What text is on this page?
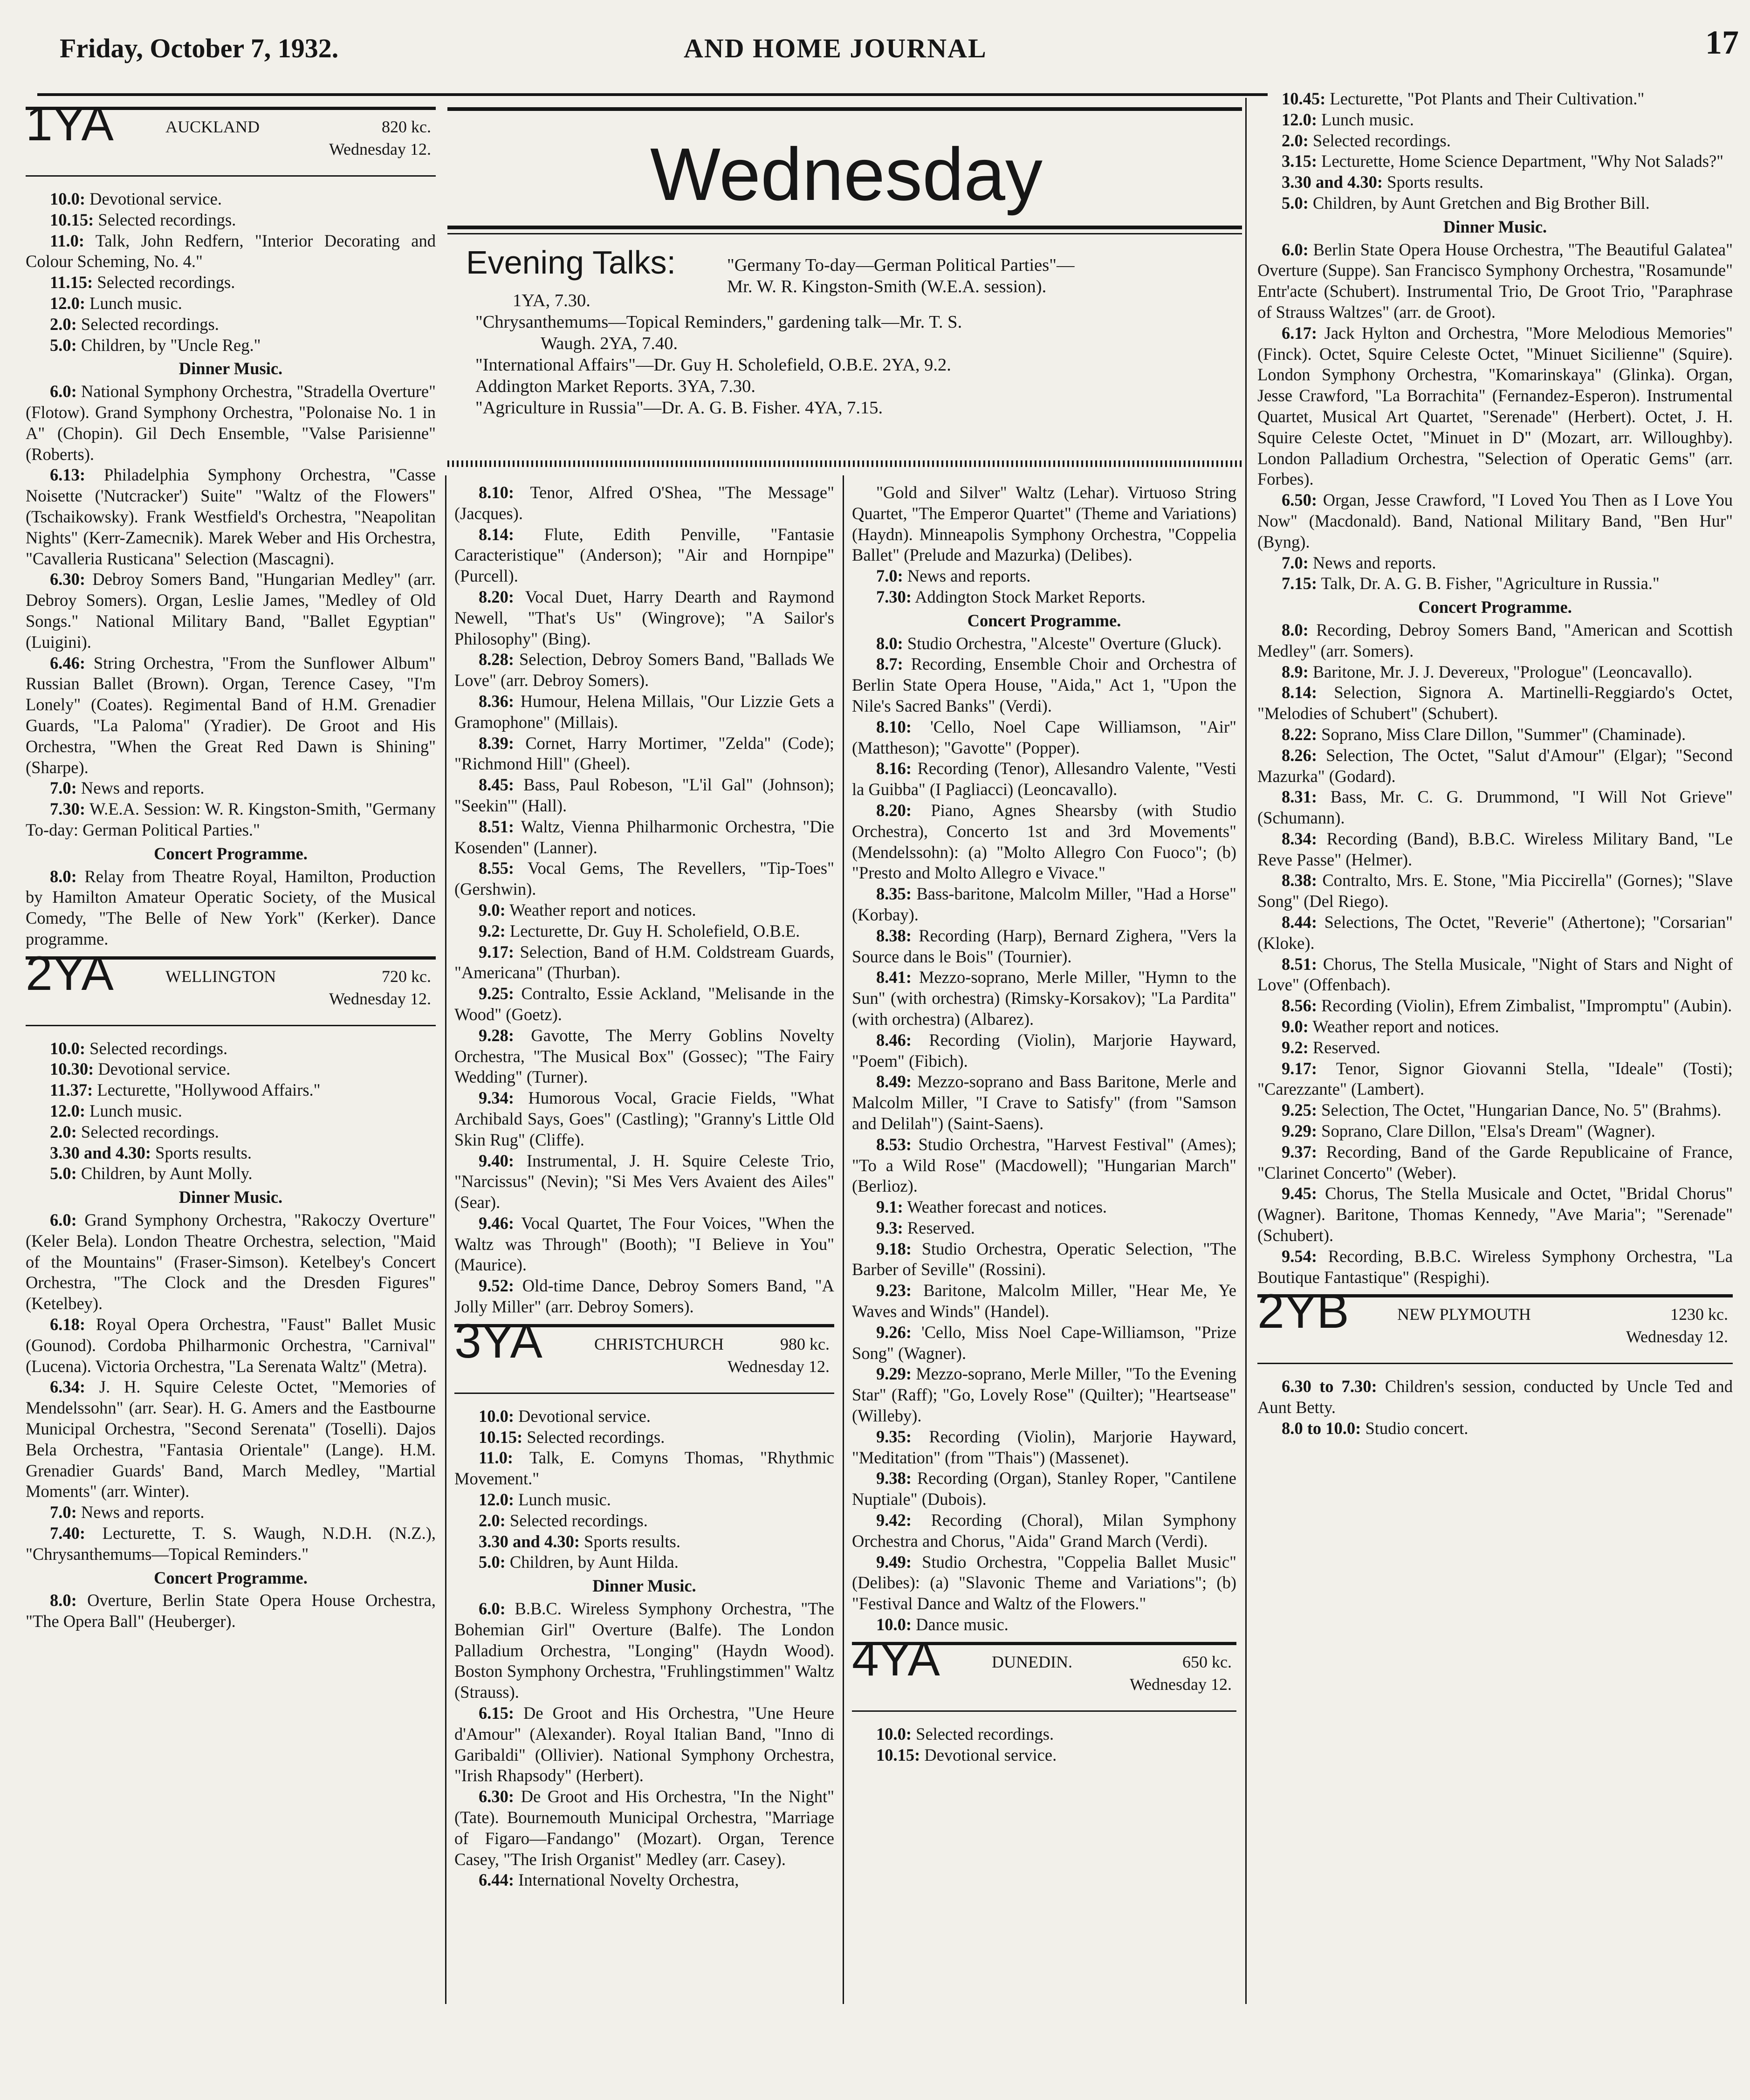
Friday, October 7, 1932.	AND HOME JOURNAL	17
Wednesday
Evening Talks:	"Germany To-day—German Political Parties"—
Mr. W. R. Kingston-Smith (W.E.A. session).
1YA, 7.30.
"Chrysanthemums—Topical Reminders," gardening talk—Mr. T. S.
Waugh. 2YA, 7.40.
"International Affairs"—Dr. Guy H. Scholefield, O.B.E. 2YA, 9.2.
Addington Market Reports. 3YA, 7.30.
"Agriculture in Russia"—Dr. A. G. B. Fisher. 4YA, 7.15.
1YA	AUCKLAND	820 kc.
Wednesday 12.

10.0: Devotional service.

10.15: Selected recordings.

11.0: Talk, John Redfern, "Interior Decorating and Colour Scheming, No. 4."

11.15: Selected recordings.

12.0: Lunch music.

2.0: Selected recordings.

5.0: Children, by "Uncle Reg."

Dinner Music.

6.0: National Symphony Orchestra, "Stradella Overture" (Flotow). Grand Symphony Orchestra, "Polonaise No. 1 in A" (Chopin). Gil Dech Ensemble, "Valse Parisienne" (Roberts).

6.13: Philadelphia Symphony Orchestra, "Casse Noisette ('Nutcracker') Suite" "Waltz of the Flowers" (Tschaikowsky). Frank Westfield's Orchestra, "Neapolitan Nights" (Kerr-Zamecnik). Marek Weber and His Orchestra, "Cavalleria Rusticana" Selection (Mascagni).

6.30: Debroy Somers Band, "Hungarian Medley" (arr. Debroy Somers). Organ, Leslie James, "Medley of Old Songs." National Military Band, "Ballet Egyptian" (Luigini).

6.46: String Orchestra, "From the Sunflower Album" Russian Ballet (Brown). Organ, Terence Casey, "I'm Lonely" (Coates). Regimental Band of H.M. Grenadier Guards, "La Paloma" (Yradier). De Groot and His Orchestra, "When the Great Red Dawn is Shining" (Sharpe).

7.0: News and reports.

7.30: W.E.A. Session: W. R. Kingston-Smith, "Germany To-day: German Political Parties."

Concert Programme.

8.0: Relay from Theatre Royal, Hamilton, Production by Hamilton Amateur Operatic Society, of the Musical Comedy, "The Belle of New York" (Kerker). Dance programme.

2YA	WELLINGTON	720 kc.
Wednesday 12.

10.0: Selected recordings.

10.30: Devotional service.

11.37: Lecturette, "Hollywood Affairs."

12.0: Lunch music.

2.0: Selected recordings.

3.30 and 4.30: Sports results.

5.0: Children, by Aunt Molly.

Dinner Music.

6.0: Grand Symphony Orchestra, "Rakoczy Overture" (Keler Bela). London Theatre Orchestra, selection, "Maid of the Mountains" (Fraser-Simson). Ketelbey's Concert Orchestra, "The Clock and the Dresden Figures" (Ketelbey).

6.18: Royal Opera Orchestra, "Faust" Ballet Music (Gounod). Cordoba Philharmonic Orchestra, "Carnival" (Lucena). Victoria Orchestra, "La Serenata Waltz" (Metra).

6.34: J. H. Squire Celeste Octet, "Memories of Mendelssohn" (arr. Sear). H. G. Amers and the Eastbourne Municipal Orchestra, "Second Serenata" (Toselli). Dajos Bela Orchestra, "Fantasia Orientale" (Lange). H.M. Grenadier Guards' Band, March Medley, "Martial Moments" (arr. Winter).

7.0: News and reports.

7.40: Lecturette, T. S. Waugh, N.D.H. (N.Z.), "Chrysanthemums—Topical Reminders."

Concert Programme.

8.0: Overture, Berlin State Opera House Orchestra, "The Opera Ball" (Heuberger).

8.10: Tenor, Alfred O'Shea, "The Message" (Jacques).

8.14: Flute, Edith Penville, "Fantasie Caracteristique" (Anderson); "Air and Hornpipe" (Purcell).

8.20: Vocal Duet, Harry Dearth and Raymond Newell, "That's Us" (Wingrove); "A Sailor's Philosophy" (Bing).

8.28: Selection, Debroy Somers Band, "Ballads We Love" (arr. Debroy Somers).

8.36: Humour, Helena Millais, "Our Lizzie Gets a Gramophone" (Millais).

8.39: Cornet, Harry Mortimer, "Zelda" (Code); "Richmond Hill" (Gheel).

8.45: Bass, Paul Robeson, "L'il Gal" (Johnson); "Seekin'" (Hall).

8.51: Waltz, Vienna Philharmonic Orchestra, "Die Kosenden" (Lanner).

8.55: Vocal Gems, The Revellers, "Tip-Toes" (Gershwin).

9.0: Weather report and notices.

9.2: Lecturette, Dr. Guy H. Scholefield, O.B.E.

9.17: Selection, Band of H.M. Coldstream Guards, "Americana" (Thurban).

9.25: Contralto, Essie Ackland, "Melisande in the Wood" (Goetz).

9.28: Gavotte, The Merry Goblins Novelty Orchestra, "The Musical Box" (Gossec); "The Fairy Wedding" (Turner).

9.34: Humorous Vocal, Gracie Fields, "What Archibald Says, Goes" (Castling); "Granny's Little Old Skin Rug" (Cliffe).

9.40: Instrumental, J. H. Squire Celeste Trio, "Narcissus" (Nevin); "Si Mes Vers Avaient des Ailes" (Sear).

9.46: Vocal Quartet, The Four Voices, "When the Waltz was Through" (Booth); "I Believe in You" (Maurice).

9.52: Old-time Dance, Debroy Somers Band, "A Jolly Miller" (arr. Debroy Somers).

3YA	CHRISTCHURCH	980 kc.
Wednesday 12.

10.0: Devotional service.

10.15: Selected recordings.

11.0: Talk, E. Comyns Thomas, "Rhythmic Movement."

12.0: Lunch music.

2.0: Selected recordings.

3.30 and 4.30: Sports results.

5.0: Children, by Aunt Hilda.

Dinner Music.

6.0: B.B.C. Wireless Symphony Orchestra, "The Bohemian Girl" Overture (Balfe). The London Palladium Orchestra, "Longing" (Haydn Wood). Boston Symphony Orchestra, "Fruhlingstimmen" Waltz (Strauss).

6.15: De Groot and His Orchestra, "Une Heure d'Amour" (Alexander). Royal Italian Band, "Inno di Garibaldi" (Ollivier). National Symphony Orchestra, "Irish Rhapsody" (Herbert).

6.30: De Groot and His Orchestra, "In the Night" (Tate). Bournemouth Municipal Orchestra, "Marriage of Figaro—Fandango" (Mozart). Organ, Terence Casey, "The Irish Organist" Medley (arr. Casey).

6.44: International Novelty Orchestra,

"Gold and Silver" Waltz (Lehar). Virtuoso String Quartet, "The Emperor Quartet" (Theme and Variations) (Haydn). Minneapolis Symphony Orchestra, "Coppelia Ballet" (Prelude and Mazurka) (Delibes).

7.0: News and reports.

7.30: Addington Stock Market Reports.

Concert Programme.

8.0: Studio Orchestra, "Alceste" Overture (Gluck).

8.7: Recording, Ensemble Choir and Orchestra of Berlin State Opera House, "Aida," Act 1, "Upon the Nile's Sacred Banks" (Verdi).

8.10: 'Cello, Noel Cape Williamson, "Air" (Mattheson); "Gavotte" (Popper).

8.16: Recording (Tenor), Allesandro Valente, "Vesti la Guibba" (I Pagliacci) (Leoncavallo).

8.20: Piano, Agnes Shearsby (with Studio Orchestra), Concerto 1st and 3rd Movements" (Mendelssohn): (a) "Molto Allegro Con Fuoco"; (b) "Presto and Molto Allegro e Vivace."

8.35: Bass-baritone, Malcolm Miller, "Had a Horse" (Korbay).

8.38: Recording (Harp), Bernard Zighera, "Vers la Source dans le Bois" (Tournier).

8.41: Mezzo-soprano, Merle Miller, "Hymn to the Sun" (with orchestra) (Rimsky-Korsakov); "La Pardita" (with orchestra) (Albarez).

8.46: Recording (Violin), Marjorie Hayward, "Poem" (Fibich).

8.49: Mezzo-soprano and Bass Baritone, Merle and Malcolm Miller, "I Crave to Satisfy" (from "Samson and Delilah") (Saint-Saens).

8.53: Studio Orchestra, "Harvest Festival" (Ames); "To a Wild Rose" (Macdowell); "Hungarian March" (Berlioz).

9.1: Weather forecast and notices.

9.3: Reserved.

9.18: Studio Orchestra, Operatic Selection, "The Barber of Seville" (Rossini).

9.23: Baritone, Malcolm Miller, "Hear Me, Ye Waves and Winds" (Handel).

9.26: 'Cello, Miss Noel Cape-Williamson, "Prize Song" (Wagner).

9.29: Mezzo-soprano, Merle Miller, "To the Evening Star" (Raff); "Go, Lovely Rose" (Quilter); "Heartsease" (Willeby).

9.35: Recording (Violin), Marjorie Hayward, "Meditation" (from "Thais") (Massenet).

9.38: Recording (Organ), Stanley Roper, "Cantilene Nuptiale" (Dubois).

9.42: Recording (Choral), Milan Symphony Orchestra and Chorus, "Aida" Grand March (Verdi).

9.49: Studio Orchestra, "Coppelia Ballet Music" (Delibes): (a) "Slavonic Theme and Variations"; (b) "Festival Dance and Waltz of the Flowers."

10.0: Dance music.

4YA	DUNEDIN.	650 kc.
Wednesday 12.

10.0: Selected recordings.

10.15: Devotional service.

10.45: Lecturette, "Pot Plants and Their Cultivation."

12.0: Lunch music.

2.0: Selected recordings.

3.15: Lecturette, Home Science Department, "Why Not Salads?"

3.30 and 4.30: Sports results.

5.0: Children, by Aunt Gretchen and Big Brother Bill.

Dinner Music.

6.0: Berlin State Opera House Orchestra, "The Beautiful Galatea" Overture (Suppe). San Francisco Symphony Orchestra, "Rosamunde" Entr'acte (Schubert). Instrumental Trio, De Groot Trio, "Paraphrase of Strauss Waltzes" (arr. de Groot).

6.17: Jack Hylton and Orchestra, "More Melodious Memories" (Finck). Octet, Squire Celeste Octet, "Minuet Sicilienne" (Squire). London Symphony Orchestra, "Komarinskaya" (Glinka). Organ, Jesse Crawford, "La Borrachita" (Fernandez-Esperon). Instrumental Quartet, Musical Art Quartet, "Serenade" (Herbert). Octet, J. H. Squire Celeste Octet, "Minuet in D" (Mozart, arr. Willoughby). London Palladium Orchestra, "Selection of Operatic Gems" (arr. Forbes).

6.50: Organ, Jesse Crawford, "I Loved You Then as I Love You Now" (Macdonald). Band, National Military Band, "Ben Hur" (Byng).

7.0: News and reports.

7.15: Talk, Dr. A. G. B. Fisher, "Agriculture in Russia."

Concert Programme.

8.0: Recording, Debroy Somers Band, "American and Scottish Medley" (arr. Somers).

8.9: Baritone, Mr. J. J. Devereux, "Prologue" (Leoncavallo).

8.14: Selection, Signora A. Martinelli-Reggiardo's Octet, "Melodies of Schubert" (Schubert).

8.22: Soprano, Miss Clare Dillon, "Summer" (Chaminade).

8.26: Selection, The Octet, "Salut d'Amour" (Elgar); "Second Mazurka" (Godard).

8.31: Bass, Mr. C. G. Drummond, "I Will Not Grieve" (Schumann).

8.34: Recording (Band), B.B.C. Wireless Military Band, "Le Reve Passe" (Helmer).

8.38: Contralto, Mrs. E. Stone, "Mia Piccirella" (Gornes); "Slave Song" (Del Riego).

8.44: Selections, The Octet, "Reverie" (Athertone); "Corsarian" (Kloke).

8.51: Chorus, The Stella Musicale, "Night of Stars and Night of Love" (Offenbach).

8.56: Recording (Violin), Efrem Zimbalist, "Impromptu" (Aubin).

9.0: Weather report and notices.

9.2: Reserved.

9.17: Tenor, Signor Giovanni Stella, "Ideale" (Tosti); "Carezzante" (Lambert).

9.25: Selection, The Octet, "Hungarian Dance, No. 5" (Brahms).

9.29: Soprano, Clare Dillon, "Elsa's Dream" (Wagner).

9.37: Recording, Band of the Garde Republicaine of France, "Clarinet Concerto" (Weber).

9.45: Chorus, The Stella Musicale and Octet, "Bridal Chorus" (Wagner). Baritone, Thomas Kennedy, "Ave Maria"; "Serenade" (Schubert).

9.54: Recording, B.B.C. Wireless Symphony Orchestra, "La Boutique Fantastique" (Respighi).

2YB	NEW PLYMOUTH	1230 kc.
Wednesday 12.

6.30 to 7.30: Children's session, conducted by Uncle Ted and Aunt Betty.

8.0 to 10.0: Studio concert.
